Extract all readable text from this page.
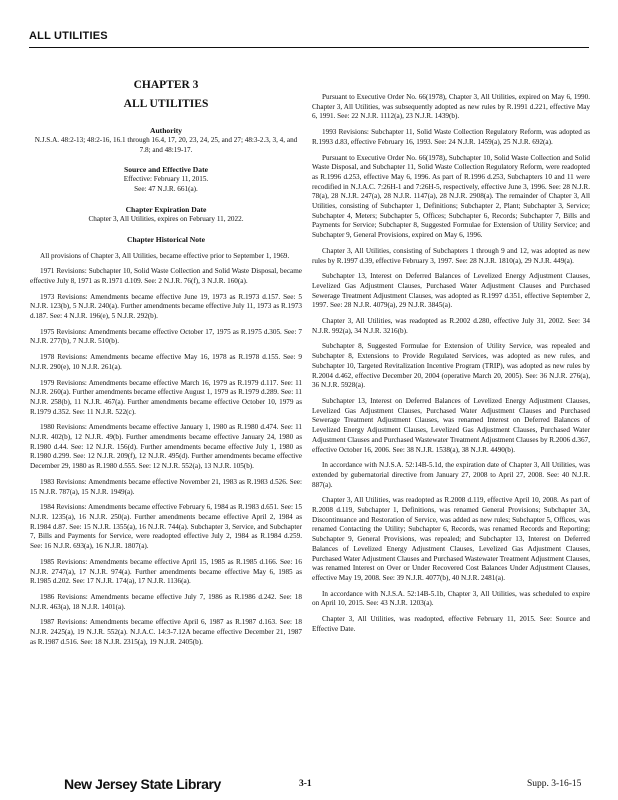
ALL UTILITIES
CHAPTER 3
ALL UTILITIES
Authority
N.J.S.A. 48:2-13; 48:2-16, 16.1 through 16.4, 17, 20, 23, 24, 25, and 27; 48:3-2.3, 3, 4, and 7.8; and 48:19-17.
Source and Effective Date
Effective: February 11, 2015.
See: 47 N.J.R. 661(a).
Chapter Expiration Date
Chapter 3, All Utilities, expires on February 11, 2022.
Chapter Historical Note

All provisions of Chapter 3, All Utilities, became effective prior to September 1, 1969.

1971 Revisions: Subchapter 10, Solid Waste Collection and Solid Waste Disposal, became effective July 8, 1971 as R.1971 d.109. See: 2 N.J.R. 76(f), 3 N.J.R. 160(a).

1973 Revisions: Amendments became effective June 19, 1973 as R.1973 d.157. See: 5 N.J.R. 123(b), 5 N.J.R. 240(a). Further amendments became effective July 11, 1973 as R.1973 d.187. See: 4 N.J.R. 196(e), 5 N.J.R. 292(b).

1975 Revisions: Amendments became effective October 17, 1975 as R.1975 d.305. See: 7 N.J.R. 277(b), 7 N.J.R. 510(b).

1978 Revisions: Amendments became effective May 16, 1978 as R.1978 d.155. See: 9 N.J.R. 290(e), 10 N.J.R. 261(a).

1979 Revisions: Amendments became effective March 16, 1979 as R.1979 d.117. See: 11 N.J.R. 260(a). Further amendments became effective August 1, 1979 as R.1979 d.289. See: 11 N.J.R. 258(b), 11 N.J.R. 467(a). Further amendments became effective October 10, 1979 as R.1979 d.352. See: 11 N.J.R. 522(c).

1980 Revisions: Amendments became effective January 1, 1980 as R.1980 d.474. See: 11 N.J.R. 402(b), 12 N.J.R. 49(b). Further amendments became effective January 24, 1980 as R.1980 d.44. See: 12 N.J.R. 156(d). Further amendments became effective July 1, 1980 as R.1980 d.299. See: 12 N.J.R. 209(f), 12 N.J.R. 495(d). Further amendments became effective December 29, 1980 as R.1980 d.555. See: 12 N.J.R. 552(a), 13 N.J.R. 105(b).

1983 Revisions: Amendments became effective November 21, 1983 as R.1983 d.526. See: 15 N.J.R. 787(a), 15 N.J.R. 1949(a).

1984 Revisions: Amendments became effective February 6, 1984 as R.1983 d.651. See: 15 N.J.R. 1235(a), 16 N.J.R. 250(a). Further amendments became effective April 2, 1984 as R.1984 d.87. See: 15 N.J.R. 1355(a), 16 N.J.R. 744(a). Subchapter 3, Service, and Subchapter 7, Bills and Payments for Service, were readopted effective July 2, 1984 as R.1984 d.259. See: 16 N.J.R. 693(a), 16 N.J.R. 1807(a).

1985 Revisions: Amendments became effective April 15, 1985 as R.1985 d.166. See: 16 N.J.R. 2747(a), 17 N.J.R. 974(a). Further amendments became effective May 6, 1985 as R.1985 d.202. See: 17 N.J.R. 174(a), 17 N.J.R. 1136(a).

1986 Revisions: Amendments became effective July 7, 1986 as R.1986 d.242. See: 18 N.J.R. 463(a), 18 N.J.R. 1401(a).

1987 Revisions: Amendments became effective April 6, 1987 as R.1987 d.163. See: 18 N.J.R. 2425(a), 19 N.J.R. 552(a). N.J.A.C. 14:3-7.12A became effective December 21, 1987 as R.1987 d.516. See: 18 N.J.R. 2315(a), 19 N.J.R. 2405(b).

Pursuant to Executive Order No. 66(1978), Chapter 3, All Utilities, expired on May 6, 1990. Chapter 3, All Utilities, was subsequently adopted as new rules by R.1991 d.221, effective May 6, 1991. See: 22 N.J.R. 1112(a), 23 N.J.R. 1439(b).

1993 Revisions: Subchapter 11, Solid Waste Collection Regulatory Reform, was adopted as R.1993 d.83, effective February 16, 1993. See: 24 N.J.R. 1459(a), 25 N.J.R. 692(a).

Pursuant to Executive Order No. 66(1978), Subchapter 10, Solid Waste Collection and Solid Waste Disposal, and Subchapter 11, Solid Waste Collection Regulatory Reform, were readopted as R.1996 d.253, effective May 6, 1996. As part of R.1996 d.253, Subchapters 10 and 11 were recodified in N.J.A.C. 7:26H-1 and 7:26H-5, respectively, effective June 3, 1996. See: 28 N.J.R. 78(a), 28 N.J.R. 247(a), 28 N.J.R. 1147(a), 28 N.J.R. 2908(a). The remainder of Chapter 3, All Utilities, consisting of Subchapter 1, Definitions; Subchapter 2, Plant; Subchapter 3, Service; Subchapter 4, Meters; Subchapter 5, Offices; Subchapter 6, Records; Subchapter 7, Bills and Payments for Service; Subchapter 8, Suggested Formulae for Extension of Utility Service; and Subchapter 9, General Provisions, expired on May 6, 1996.

Chapter 3, All Utilities, consisting of Subchapters 1 through 9 and 12, was adopted as new rules by R.1997 d.39, effective February 3, 1997. See: 28 N.J.R. 1810(a), 29 N.J.R. 449(a).

Subchapter 13, Interest on Deferred Balances of Levelized Energy Adjustment Clauses, Levelized Gas Adjustment Clauses, Purchased Water Adjustment Clauses and Purchased Sewerage Treatment Adjustment Clauses, was adopted as R.1997 d.351, effective September 2, 1997. See: 28 N.J.R. 4079(a), 29 N.J.R. 3845(a).

Chapter 3, All Utilities, was readopted as R.2002 d.280, effective July 31, 2002. See: 34 N.J.R. 992(a), 34 N.J.R. 3216(b).

Subchapter 8, Suggested Formulae for Extension of Utility Service, was repealed and Subchapter 8, Extensions to Provide Regulated Services, was adopted as new rules, and Subchapter 10, Targeted Revitalization Incentive Program (TRIP), was adopted as new rules by R.2004 d.462, effective December 20, 2004 (operative March 20, 2005). See: 36 N.J.R. 276(a), 36 N.J.R. 5928(a).

Subchapter 13, Interest on Deferred Balances of Levelized Energy Adjustment Clauses, Levelized Gas Adjustment Clauses, Purchased Water Adjustment Clauses and Purchased Sewerage Treatment Adjustment Clauses, was renamed Interest on Deferred Balances of Levelized Energy Adjustment Clauses, Levelized Gas Adjustment Clauses, Purchased Water Adjustment Clauses and Purchased Wastewater Treatment Adjustment Clauses by R.2006 d.367, effective October 16, 2006. See: 38 N.J.R. 1538(a), 38 N.J.R. 4490(b).

In accordance with N.J.S.A. 52:14B-5.1d, the expiration date of Chapter 3, All Utilities, was extended by gubernatorial directive from January 27, 2008 to April 27, 2008. See: 40 N.J.R. 887(a).

Chapter 3, All Utilities, was readopted as R.2008 d.119, effective April 10, 2008. As part of R.2008 d.119, Subchapter 1, Definitions, was renamed General Provisions; Subchapter 3A, Discontinuance and Restoration of Service, was added as new rules; Subchapter 5, Offices, was renamed Contacting the Utility; Subchapter 6, Records, was renamed Records and Reporting; Subchapter 9, General Provisions, was repealed; and Subchapter 13, Interest on Deferred Balances of Levelized Energy Adjustment Clauses, Levelized Gas Adjustment Clauses, Purchased Water Adjustment Clauses and Purchased Wastewater Treatment Adjustment Clauses, was renamed Interest on Over or Under Recovered Cost Balances Under Adjustment Clauses, effective May 19, 2008. See: 39 N.J.R. 4077(b), 40 N.J.R. 2481(a).

In accordance with N.J.S.A. 52:14B-5.1b, Chapter 3, All Utilities, was scheduled to expire on April 10, 2015. See: 43 N.J.R. 1203(a).

Chapter 3, All Utilities, was readopted, effective February 11, 2015. See: Source and Effective Date.

New Jersey State Library	3-1	Supp. 3-16-15
